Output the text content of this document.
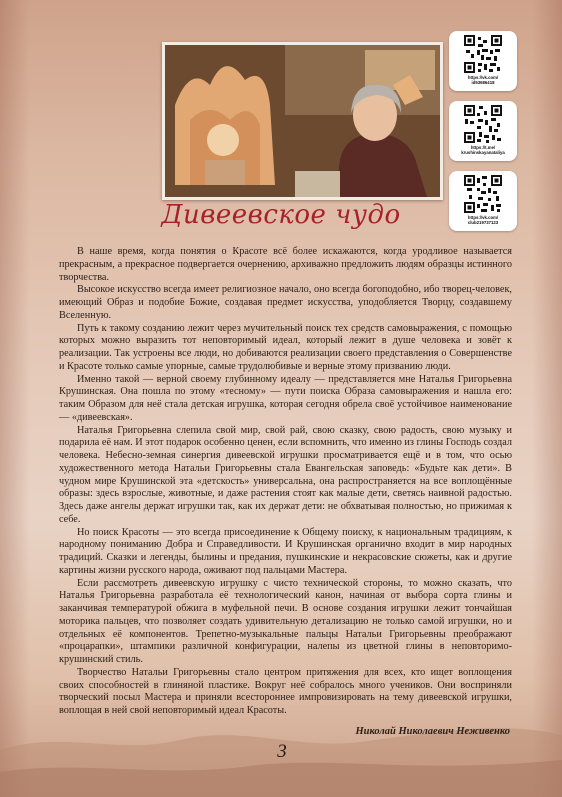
https://vk.com/
id53686418
https://t.me/
krushinskayanataliya
https://vk.com/
club219737123
Дивеевское чудо

В наше время, когда понятия о Красоте всё более искажаются, когда уродливое называется прекрасным, а прекрасное подвергается очернению, архиважно предложить людям образцы истинного творчества.

Высокое искусство всегда имеет религиозное начало, оно всегда богоподобно, ибо творец-человек, имеющий Образ и подобие Божие, создавая предмет искусства, уподобляется Творцу, создавшему Вселенную.

Путь к такому созданию лежит через мучительный поиск тех средств самовыражения, с помощью которых можно выразить тот неповторимый идеал, который лежит в душе человека и зовёт к реализации. Так устроены все люди, но добиваются реализации своего представления о Совершенстве и Красоте только самые упорные, самые трудолюбивые и верные этому призванию люди.

Именно такой — верной своему глубинному идеалу — представляется мне Наталья Григорьевна Крушинская. Она пошла по этому «тесному» — пути поиска Образа самовыражения и нашла его: таким Образом для неё стала детская игрушка, которая сегодня обрела своё устойчивое наименование — «дивеевская».

Наталья Григорьевна слепила свой мир, свой рай, свою сказку, свою радость, свою музыку и подарила её нам. И этот подарок особенно ценен, если вспомнить, что именно из глины Господь создал человека. Небесно-земная синергия дивеевской игрушки просматривается ещё и в том, что осью художественного метода Натальи Григорьевны стала Евангельская заповедь: «Будьте как дети». В чудном мире Крушинской эта «детскость» универсальна, она распространяется на все воплощённые образы: здесь взрослые, животные, и даже растения стоят как малые дети, светясь наивной радостью. Здесь даже ангелы держат игрушки так, как их держат дети: не обхватывая полностью, но прижимая к себе.

Но поиск Красоты — это всегда присоединение к Общему поиску, к национальным традициям, к народному пониманию Добра и Справедливости. И Крушинская органично входит в мир народных традиций. Сказки и легенды, былины и предания, пушкинские и некрасовские сюжеты, как и другие картины жизни русского народа, оживают под пальцами Мастера.

Если рассмотреть дивеевскую игрушку с чисто технической стороны, то можно сказать, что Наталья Григорьевна разработала её технологический канон, начиная от выбора сорта глины и заканчивая температурой обжига в муфельной печи. В основе создания игрушки лежит тончайшая моторика пальцев, что позволяет создать удивительную детализацию не только самой игрушки, но и отдельных её компонентов. Трепетно-музыкальные пальцы Натальи Григорьевны преображают «процарапки», штампики различной конфигурации, налепы из цветной глины в неповторимо-крушинский стиль.

Творчество Натальи Григорьевны стало центром притяжения для всех, кто ищет воплощения своих способностей в глиняной пластике. Вокруг неё собралось много учеников. Они восприняли творческий посыл Мастера и приняли всестороннее импровизировать на тему дивеевской игрушки, воплощая в ней свой неповторимый идеал Красоты.

Николай Николаевич Неживенко
3
